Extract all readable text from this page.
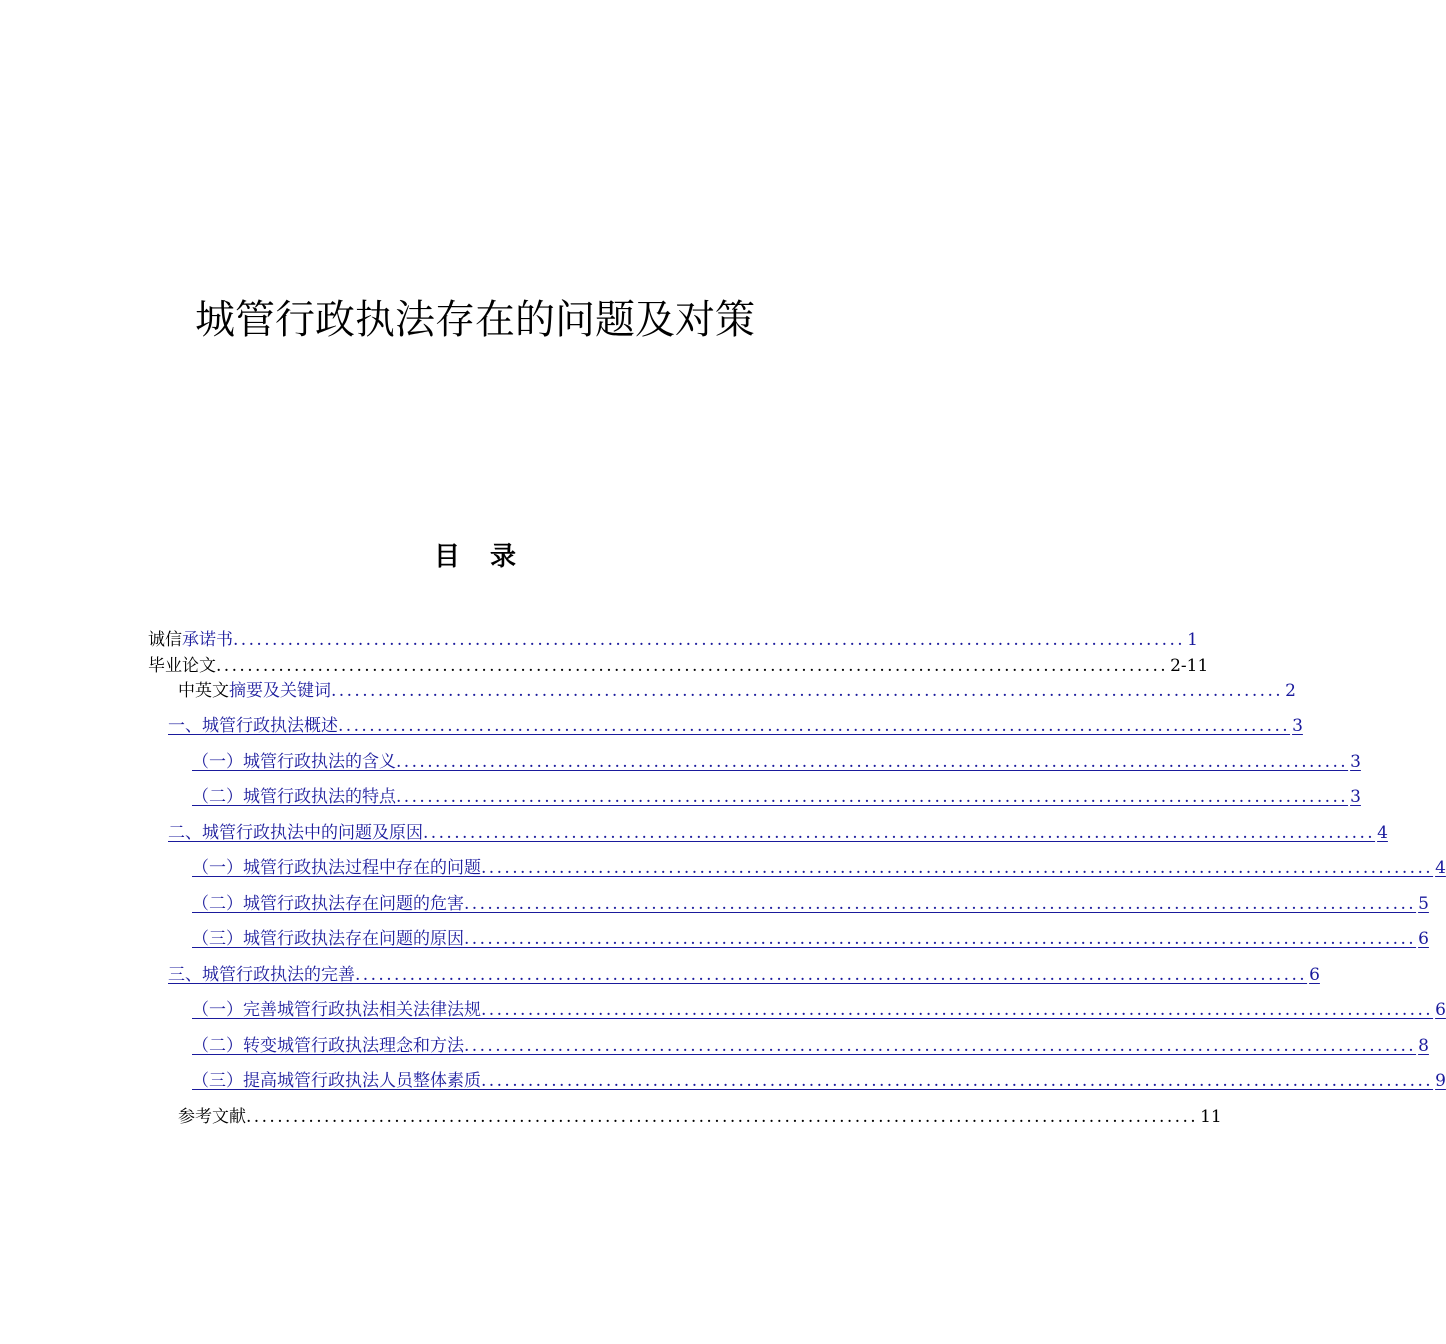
城管行政执法存在的问题及对策
目录
诚信 承诺书 .......................................................................................................................... 1
毕业论文 .......................................................................................................................... 2-11
中英文 摘要及关键词 .......................................................................................................................... 2
一、城管行政执法概述 .......................................................................................................................... 3
（一）城管行政执法的含义 .......................................................................................................................... 3
（二）城管行政执法的特点 .......................................................................................................................... 3
二、城管行政执法中的问题及原因 .......................................................................................................................... 4
（一）城管行政执法过程中存在的问题 .......................................................................................................................... 4
（二）城管行政执法存在问题的危害 .......................................................................................................................... 5
（三）城管行政执法存在问题的原因 .......................................................................................................................... 6
三、城管行政执法的完善 .......................................................................................................................... 6
（一）完善城管行政执法相关法律法规 .......................................................................................................................... 6
（二）转变城管行政执法理念和方法 .......................................................................................................................... 8
（三）提高城管行政执法人员整体素质 .......................................................................................................................... 9
参考文献 .......................................................................................................................... 11
